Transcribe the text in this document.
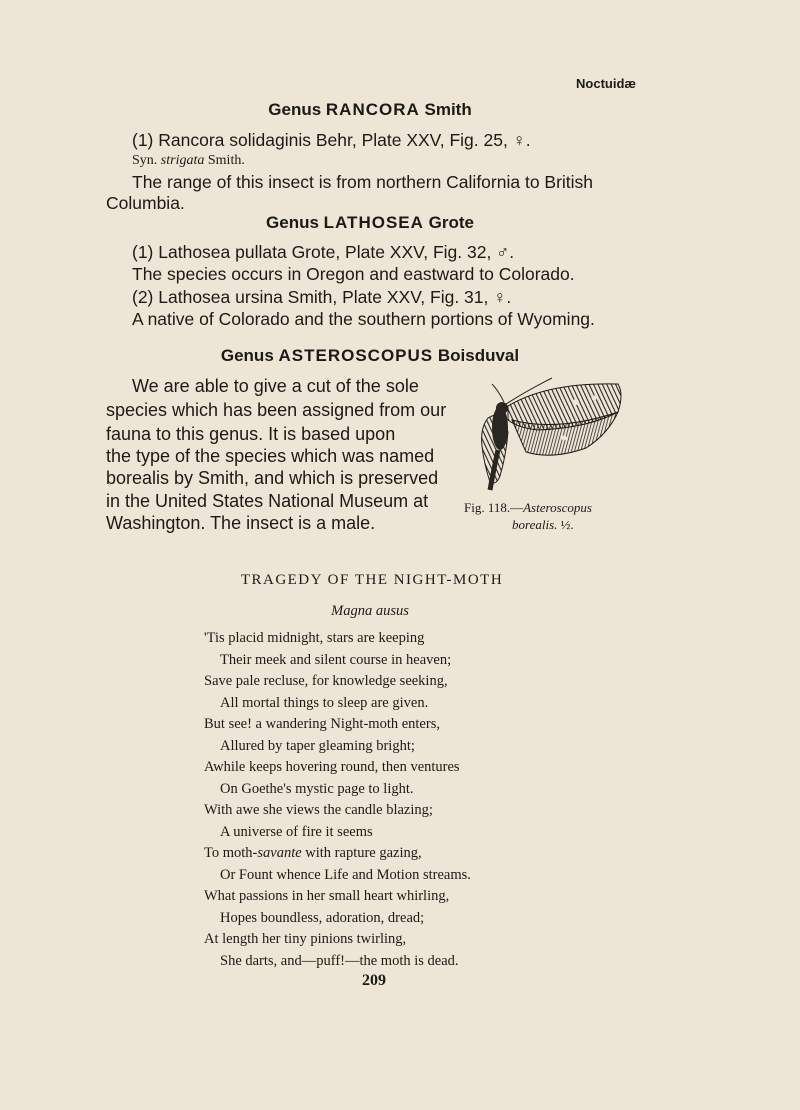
Noctuidæ
Genus RANCORA Smith
(1) Rancora solidaginis Behr, Plate XXV, Fig. 25, ♀.
Syn. strigata Smith.
The range of this insect is from northern California to British
Columbia.
Genus LATHOSEA Grote
(1) Lathosea pullata Grote, Plate XXV, Fig. 32, ♂.
The species occurs in Oregon and eastward to Colorado.
(2) Lathosea ursina Smith, Plate XXV, Fig. 31, ♀.
A native of Colorado and the southern portions of Wyoming.
Genus ASTEROSCOPUS Boisduval
We are able to give a cut of the sole
species which has been assigned from our
fauna to this genus. It is based upon
the type of the species which was named
borealis by Smith, and which is preserved
in the United States National Museum at
Washington. The insect is a male.
Fig. 118.—Asteroscopus
borealis. ½.
TRAGEDY OF THE NIGHT-MOTH
Magna ausus
'Tis placid midnight, stars are keeping
Their meek and silent course in heaven;
Save pale recluse, for knowledge seeking,
All mortal things to sleep are given.
But see! a wandering Night-moth enters,
Allured by taper gleaming bright;
Awhile keeps hovering round, then ventures
On Goethe's mystic page to light.
With awe she views the candle blazing;
A universe of fire it seems
To moth-savante with rapture gazing,
Or Fount whence Life and Motion streams.
What passions in her small heart whirling,
Hopes boundless, adoration, dread;
At length her tiny pinions twirling,
She darts, and—puff!—the moth is dead.
209
